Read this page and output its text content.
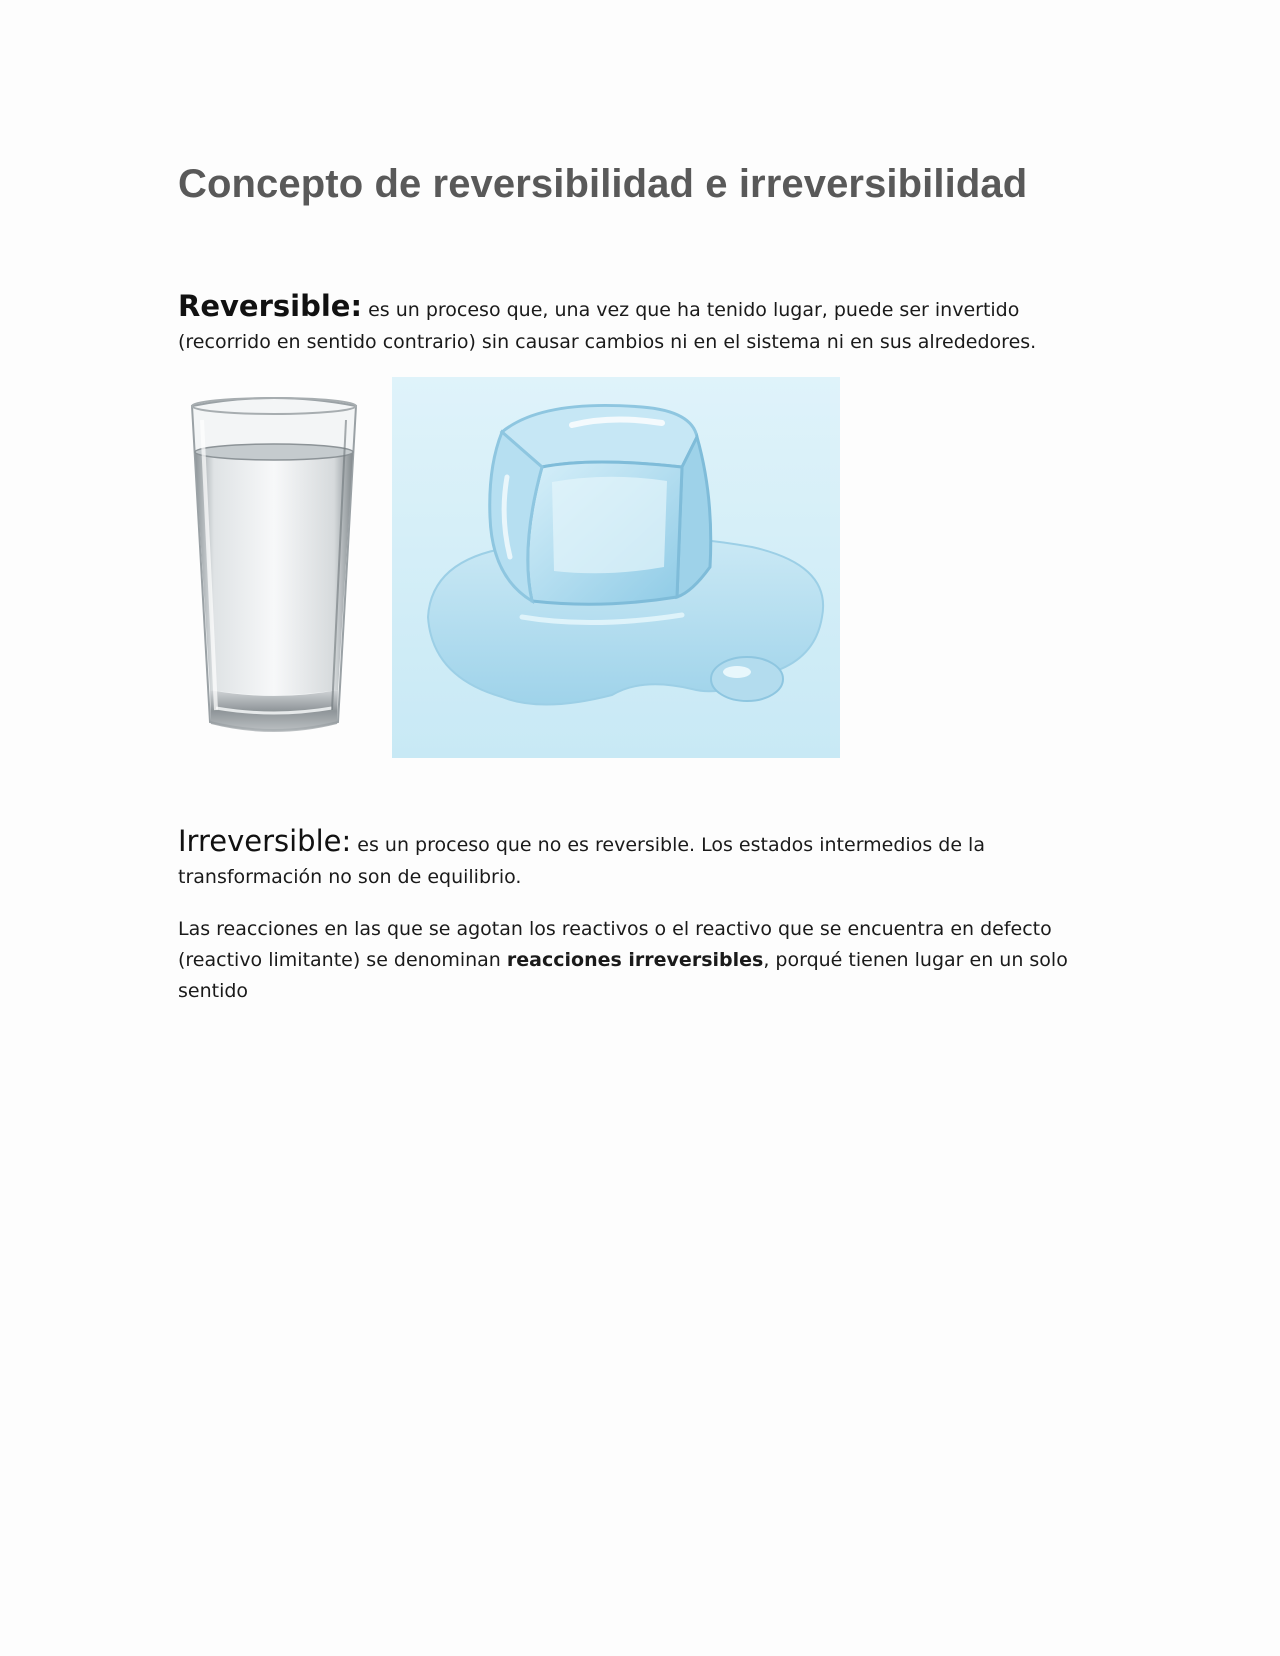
Concepto de reversibilidad e irreversibilidad

Reversible: es un proceso que, una vez que ha tenido lugar, puede ser invertido (recorrido en sentido contrario) sin causar cambios ni en el sistema ni en sus alrededores.

Irreversible: es un proceso que no es reversible. Los estados intermedios de la transformación no son de equilibrio.

Las reacciones en las que se agotan los reactivos o el reactivo que se encuentra en defecto (reactivo limitante) se denominan reacciones irreversibles, porqué tienen lugar en un solo sentido
